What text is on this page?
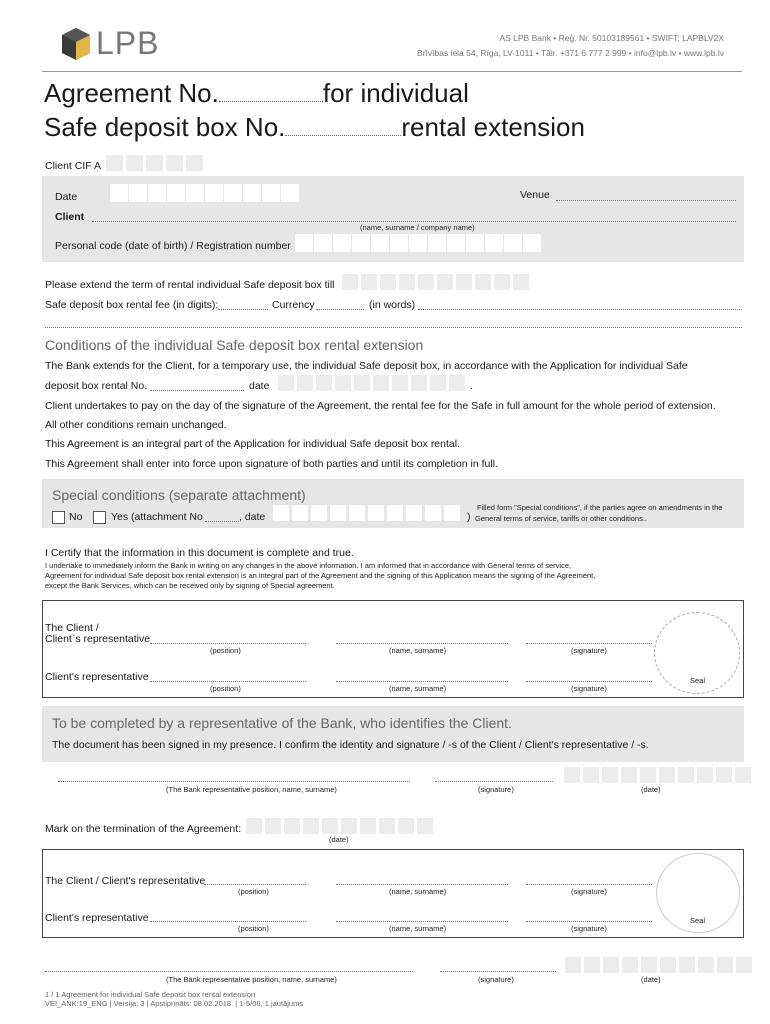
LPB	AS LPB Bank • Reģ. Nr. 50103189561 • SWIFT: LAPBLV2X
Brīvības iela 54, Rīga, LV-1011 • Tālr. +371 6 777 2 999 • info@lpb.lv • www.lpb.lv
Agreement No.	for individual
Safe deposit box No.	rental extension
Client CIF A
Date	Venue
Client
(name, surname / company name)
Personal code (date of birth) / Registration number
Please extend the term of rental individual Safe deposit box till
Safe deposit box rental fee (in digits):	Currency	(in words)
Conditions of the individual Safe deposit box rental extension
The Bank extends for the Client, for a temporary use, the individual Safe deposit box, in accordance with the Application for individual Safe
deposit box rental No.	date	.
Client undertakes to pay on the day of the signature of the Agreement, the rental fee for the Safe in full amount for the whole period of extension.
All other conditions remain unchanged.
This Agreement is an integral part of the Application for individual Safe deposit box rental.
This Agreement shall enter into force upon signature of both parties and until its completion in full.
Special conditions (separate attachment)
No	Yes (attachment No	, date	)
Filled form "Special conditions", if the parties agree on amendments in the
General terms of service, tariffs or other conditions..
I Certify that the information in this document is complete and true.
I undertake to immediately inform the Bank in writing on any changes in the above information. I am informed that in accordance with General terms of service,
Agreement for individual Safe deposit box rental extension is an integral part of the Agreement and the signing of this Application means the signing of the Agreement,
except the Bank Services, which can be received only by signing of Special agreement.
The Client /
Client`s representative
(position)	(name, surname)	(signature)
Client's representative
(position)	(name, surname)	(signature)
Seal
To be completed by a representative of the Bank, who identifies the Client.
The document has been signed in my presence. I confirm the identity and signature / -s of the Client / Client's representative / -s.
(The Bank representative position, name, surname)	(signature)	(date)
Mark on the termination of the Agreement:
(date)
The Client / Client's representative
(position)	(name, surname)	(signature)
Client's representative
(position)	(name, surname)	(signature)
Seal
(The Bank representative position, name, surname)	(signature)	(date)
1 / 1 Agreement for individual Safe deposit box rental extension
VEI_ANK:19_ENG | Versija: 3 | Apstiprināts: 08.02.2018. | 1-5/06, 1.jautājums
